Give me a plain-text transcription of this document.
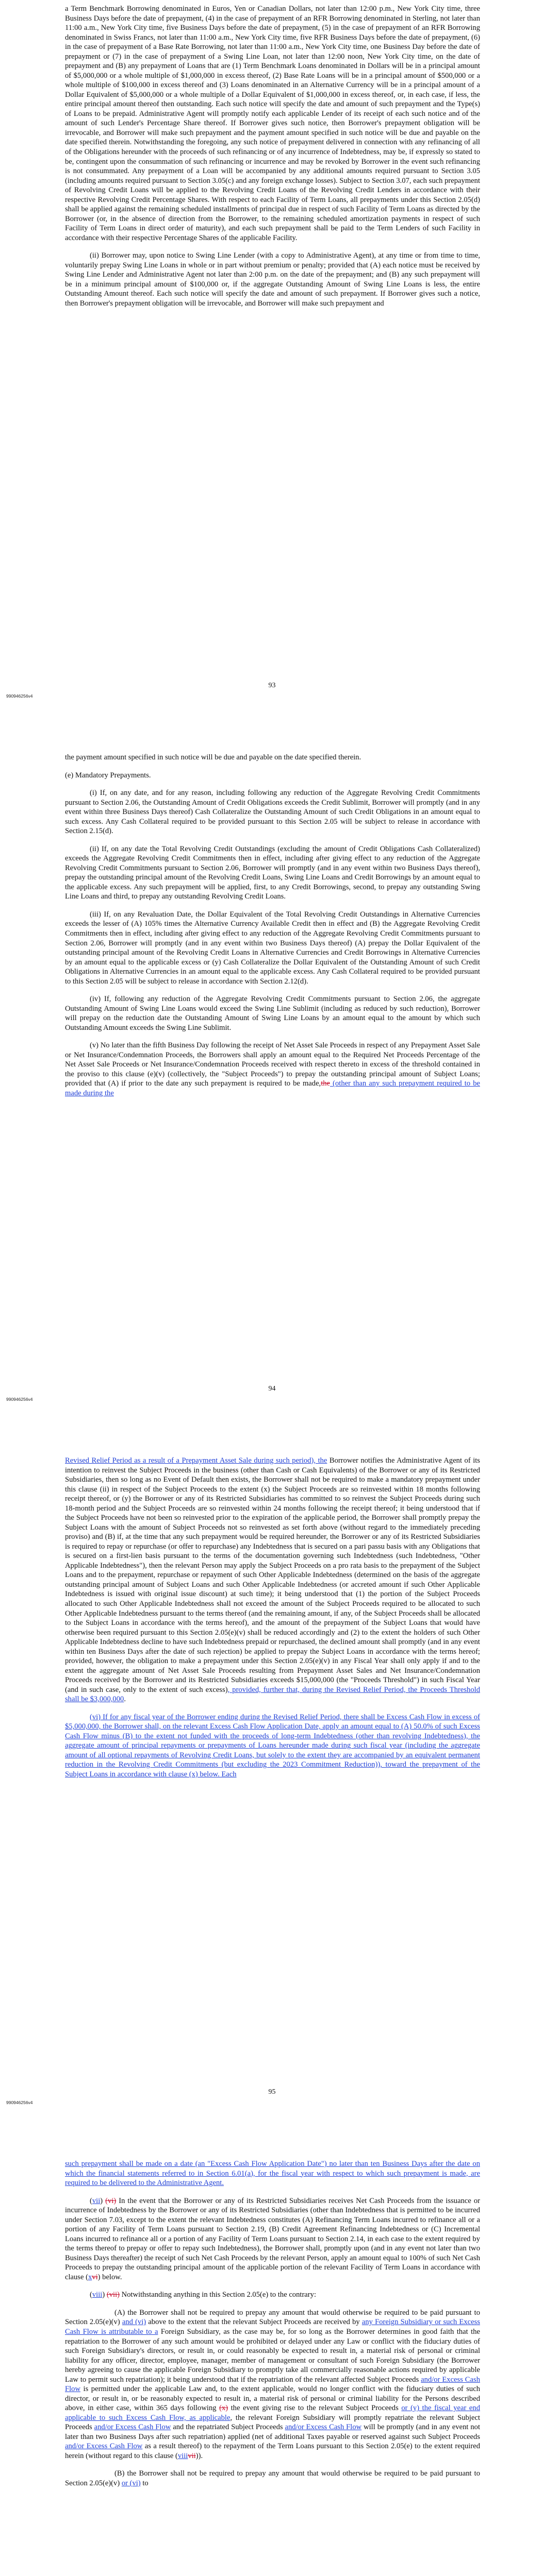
a Term Benchmark Borrowing denominated in Euros, Yen or Canadian Dollars, not later than 12:00 p.m., New York City time, three Business Days before the date of prepayment, (4) in the case of prepayment of an RFR Borrowing denominated in Sterling, not later than 11:00 a.m., New York City time, five Business Days before the date of prepayment, (5) in the case of prepayment of an RFR Borrowing denominated in Swiss Francs, not later than 11:00 a.m., New York City time, five RFR Business Days before the date of prepayment, (6) in the case of prepayment of a Base Rate Borrowing, not later than 11:00 a.m., New York City time, one Business Day before the date of prepayment or (7) in the case of prepayment of a Swing Line Loan, not later than 12:00 noon, New York City time, on the date of prepayment and (B) any prepayment of Loans that are (1) Term Benchmark Loans denominated in Dollars will be in a principal amount of $5,000,000 or a whole multiple of $1,000,000 in excess thereof, (2) Base Rate Loans will be in a principal amount of $500,000 or a whole multiple of $100,000 in excess thereof and (3) Loans denominated in an Alternative Currency will be in a principal amount of a Dollar Equivalent of $5,000,000 or a whole multiple of a Dollar Equivalent of $1,000,000 in excess thereof, or, in each case, if less, the entire principal amount thereof then outstanding. Each such notice will specify the date and amount of such prepayment and the Type(s) of Loans to be prepaid. Administrative Agent will promptly notify each applicable Lender of its receipt of each such notice and of the amount of such Lender's Percentage Share thereof. If Borrower gives such notice, then Borrower's prepayment obligation will be irrevocable, and Borrower will make such prepayment and the payment amount specified in such notice will be due and payable on the date specified therein. Notwithstanding the foregoing, any such notice of prepayment delivered in connection with any refinancing of all of the Obligations hereunder with the proceeds of such refinancing or of any incurrence of Indebtedness, may be, if expressly so stated to be, contingent upon the consummation of such refinancing or incurrence and may be revoked by Borrower in the event such refinancing is not consummated. Any prepayment of a Loan will be accompanied by any additional amounts required pursuant to Section 3.05 (including amounts required pursuant to Section 3.05(c) and any foreign exchange losses). Subject to Section 3.07, each such prepayment of Revolving Credit Loans will be applied to the Revolving Credit Loans of the Revolving Credit Lenders in accordance with their respective Revolving Credit Percentage Shares. With respect to each Facility of Term Loans, all prepayments under this Section 2.05(d) shall be applied against the remaining scheduled installments of principal due in respect of such Facility of Term Loans as directed by the Borrower (or, in the absence of direction from the Borrower, to the remaining scheduled amortization payments in respect of such Facility of Term Loans in direct order of maturity), and each such prepayment shall be paid to the Term Lenders of such Facility in accordance with their respective Percentage Shares of the applicable Facility.

(ii) Borrower may, upon notice to Swing Line Lender (with a copy to Administrative Agent), at any time or from time to time, voluntarily prepay Swing Line Loans in whole or in part without premium or penalty; provided that (A) each notice must be received by Swing Line Lender and Administrative Agent not later than 2:00 p.m. on the date of the prepayment; and (B) any such prepayment will be in a minimum principal amount of $100,000 or, if the aggregate Outstanding Amount of Swing Line Loans is less, the entire Outstanding Amount thereof. Each such notice will specify the date and amount of such prepayment. If Borrower gives such a notice, then Borrower's prepayment obligation will be irrevocable, and Borrower will make such prepayment and

93
990946256v4

the payment amount specified in such notice will be due and payable on the date specified therein.

(e) Mandatory Prepayments.

(i) If, on any date, and for any reason, including following any reduction of the Aggregate Revolving Credit Commitments pursuant to Section 2.06, the Outstanding Amount of Credit Obligations exceeds the Credit Sublimit, Borrower will promptly (and in any event within three Business Days thereof) Cash Collateralize the Outstanding Amount of such Credit Obligations in an amount equal to such excess. Any Cash Collateral required to be provided pursuant to this Section 2.05 will be subject to release in accordance with Section 2.15(d).

(ii) If, on any date the Total Revolving Credit Outstandings (excluding the amount of Credit Obligations Cash Collateralized) exceeds the Aggregate Revolving Credit Commitments then in effect, including after giving effect to any reduction of the Aggregate Revolving Credit Commitments pursuant to Section 2.06, Borrower will promptly (and in any event within two Business Days thereof), prepay the outstanding principal amount of the Revolving Credit Loans, Swing Line Loans and Credit Borrowings by an amount equal to the applicable excess. Any such prepayment will be applied, first, to any Credit Borrowings, second, to prepay any outstanding Swing Line Loans and third, to prepay any outstanding Revolving Credit Loans.

(iii) If, on any Revaluation Date, the Dollar Equivalent of the Total Revolving Credit Outstandings in Alternative Currencies exceeds the lesser of (A) 105% times the Alternative Currency Available Credit then in effect and (B) the Aggregate Revolving Credit Commitments then in effect, including after giving effect to any reduction of the Aggregate Revolving Credit Commitments pursuant to Section 2.06, Borrower will promptly (and in any event within two Business Days thereof) (A) prepay the Dollar Equivalent of the outstanding principal amount of the Revolving Credit Loans in Alternative Currencies and Credit Borrowings in Alternative Currencies by an amount equal to the applicable excess or (y) Cash Collateralize the Dollar Equivalent of the Outstanding Amount of such Credit Obligations in Alternative Currencies in an amount equal to the applicable excess. Any Cash Collateral required to be provided pursuant to this Section 2.05 will be subject to release in accordance with Section 2.12(d).

(iv) If, following any reduction of the Aggregate Revolving Credit Commitments pursuant to Section 2.06, the aggregate Outstanding Amount of Swing Line Loans would exceed the Swing Line Sublimit (including as reduced by such reduction), Borrower will prepay on the reduction date the Outstanding Amount of Swing Line Loans by an amount equal to the amount by which such Outstanding Amount exceeds the Swing Line Sublimit.

(v) No later than the fifth Business Day following the receipt of Net Asset Sale Proceeds in respect of any Prepayment Asset Sale or Net Insurance/Condemnation Proceeds, the Borrowers shall apply an amount equal to the Required Net Proceeds Percentage of the Net Asset Sale Proceeds or Net Insurance/Condemnation Proceeds received with respect thereto in excess of the threshold contained in the proviso to this clause (e)(v) (collectively, the "Subject Proceeds") to prepay the outstanding principal amount of Subject Loans; provided that (A) if prior to the date any such prepayment is required to be made,the (other than any such prepayment required to be made during the

94
990946256v4

Revised Relief Period as a result of a Prepayment Asset Sale during such period), the Borrower notifies the Administrative Agent of its intention to reinvest the Subject Proceeds in the business (other than Cash or Cash Equivalents) of the Borrower or any of its Restricted Subsidiaries, then so long as no Event of Default then exists, the Borrower shall not be required to make a mandatory prepayment under this clause (ii) in respect of the Subject Proceeds to the extent (x) the Subject Proceeds are so reinvested within 18 months following receipt thereof, or (y) the Borrower or any of its Restricted Subsidiaries has committed to so reinvest the Subject Proceeds during such 18-month period and the Subject Proceeds are so reinvested within 24 months following the receipt thereof; it being understood that if the Subject Proceeds have not been so reinvested prior to the expiration of the applicable period, the Borrower shall promptly prepay the Subject Loans with the amount of Subject Proceeds not so reinvested as set forth above (without regard to the immediately preceding proviso) and (B) if, at the time that any such prepayment would be required hereunder, the Borrower or any of its Restricted Subsidiaries is required to repay or repurchase (or offer to repurchase) any Indebtedness that is secured on a pari passu basis with any Obligations that is secured on a first-lien basis pursuant to the terms of the documentation governing such Indebtedness (such Indebtedness, "Other Applicable Indebtedness"), then the relevant Person may apply the Subject Proceeds on a pro rata basis to the prepayment of the Subject Loans and to the prepayment, repurchase or repayment of such Other Applicable Indebtedness (determined on the basis of the aggregate outstanding principal amount of Subject Loans and such Other Applicable Indebtedness (or accreted amount if such Other Applicable Indebtedness is issued with original issue discount) at such time); it being understood that (1) the portion of the Subject Proceeds allocated to such Other Applicable Indebtedness shall not exceed the amount of the Subject Proceeds required to be allocated to such Other Applicable Indebtedness pursuant to the terms thereof (and the remaining amount, if any, of the Subject Proceeds shall be allocated to the Subject Loans in accordance with the terms hereof), and the amount of the prepayment of the Subject Loans that would have otherwise been required pursuant to this Section 2.05(e)(v) shall be reduced accordingly and (2) to the extent the holders of such Other Applicable Indebtedness decline to have such Indebtedness prepaid or repurchased, the declined amount shall promptly (and in any event within ten Business Days after the date of such rejection) be applied to prepay the Subject Loans in accordance with the terms hereof; provided, however, the obligation to make a prepayment under this Section 2.05(e)(v) in any Fiscal Year shall only apply if and to the extent the aggregate amount of Net Asset Sale Proceeds resulting from Prepayment Asset Sales and Net Insurance/Condemnation Proceeds received by the Borrower and its Restricted Subsidiaries exceeds $15,000,000 (the "Proceeds Threshold") in such Fiscal Year (and in such case, only to the extent of such excess), provided, further that, during the Revised Relief Period, the Proceeds Threshold shall be $3,000,000.

(vi) If for any fiscal year of the Borrower ending during the Revised Relief Period, there shall be Excess Cash Flow in excess of $5,000,000, the Borrower shall, on the relevant Excess Cash Flow Application Date, apply an amount equal to (A) 50.0% of such Excess Cash Flow minus (B) to the extent not funded with the proceeds of long-term Indebtedness (other than revolving Indebtedness), the aggregate amount of principal repayments or prepayments of Loans hereunder made during such fiscal year (including the aggregate amount of all optional repayments of Revolving Credit Loans, but solely to the extent they are accompanied by an equivalent permanent reduction in the Revolving Credit Commitments (but excluding the 2023 Commitment Reduction)), toward the prepayment of the Subject Loans in accordance with clause (x) below. Each

95
990946256v4

such prepayment shall be made on a date (an "Excess Cash Flow Application Date") no later than ten Business Days after the date on which the financial statements referred to in Section 6.01(a), for the fiscal year with respect to which such prepayment is made, are required to be delivered to the Administrative Agent.

(vii) (vi) In the event that the Borrower or any of its Restricted Subsidiaries receives Net Cash Proceeds from the issuance or incurrence of Indebtedness by the Borrower or any of its Restricted Subsidiaries (other than Indebtedness that is permitted to be incurred under Section 7.03, except to the extent the relevant Indebtedness constitutes (A) Refinancing Term Loans incurred to refinance all or a portion of any Facility of Term Loans pursuant to Section 2.19, (B) Credit Agreement Refinancing Indebtedness or (C) Incremental Loans incurred to refinance all or a portion of any Facility of Term Loans pursuant to Section 2.14, in each case to the extent required by the terms thereof to prepay or offer to repay such Indebtedness), the Borrower shall, promptly upon (and in any event not later than two Business Days thereafter) the receipt of such Net Cash Proceeds by the relevant Person, apply an amount equal to 100% of such Net Cash Proceeds to prepay the outstanding principal amount of the applicable portion of the relevant Facility of Term Loans in accordance with clause (xvi) below.

(viii) (vii) Notwithstanding anything in this Section 2.05(e) to the contrary:

(A) the Borrower shall not be required to prepay any amount that would otherwise be required to be paid pursuant to Section 2.05(e)(v) and (vi) above to the extent that the relevant Subject Proceeds are received by any Foreign Subsidiary or such Excess Cash Flow is attributable to a Foreign Subsidiary, as the case may be, for so long as the Borrower determines in good faith that the repatriation to the Borrower of any such amount would be prohibited or delayed under any Law or conflict with the fiduciary duties of such Foreign Subsidiary's directors, or result in, or could reasonably be expected to result in, a material risk of personal or criminal liability for any officer, director, employee, manager, member of management or consultant of such Foreign Subsidiary (the Borrower hereby agreeing to cause the applicable Foreign Subsidiary to promptly take all commercially reasonable actions required by applicable Law to permit such repatriation); it being understood that if the repatriation of the relevant affected Subject Proceeds and/or Excess Cash Flow is permitted under the applicable Law and, to the extent applicable, would no longer conflict with the fiduciary duties of such director, or result in, or be reasonably expected to result in, a material risk of personal or criminal liability for the Persons described above, in either case, within 365 days following (x) the event giving rise to the relevant Subject Proceeds or (y) the fiscal year end applicable to such Excess Cash Flow, as applicable, the relevant Foreign Subsidiary will promptly repatriate the relevant Subject Proceeds and/or Excess Cash Flow and the repatriated Subject Proceeds and/or Excess Cash Flow will be promptly (and in any event not later than two Business Days after such repatriation) applied (net of additional Taxes payable or reserved against such Subject Proceeds and/or Excess Cash Flow as a result thereof) to the repayment of the Term Loans pursuant to this Section 2.05(e) to the extent required herein (without regard to this clause (viiivii)).

(B) the Borrower shall not be required to prepay any amount that would otherwise be required to be paid pursuant to Section 2.05(e)(v) or (vi) to
